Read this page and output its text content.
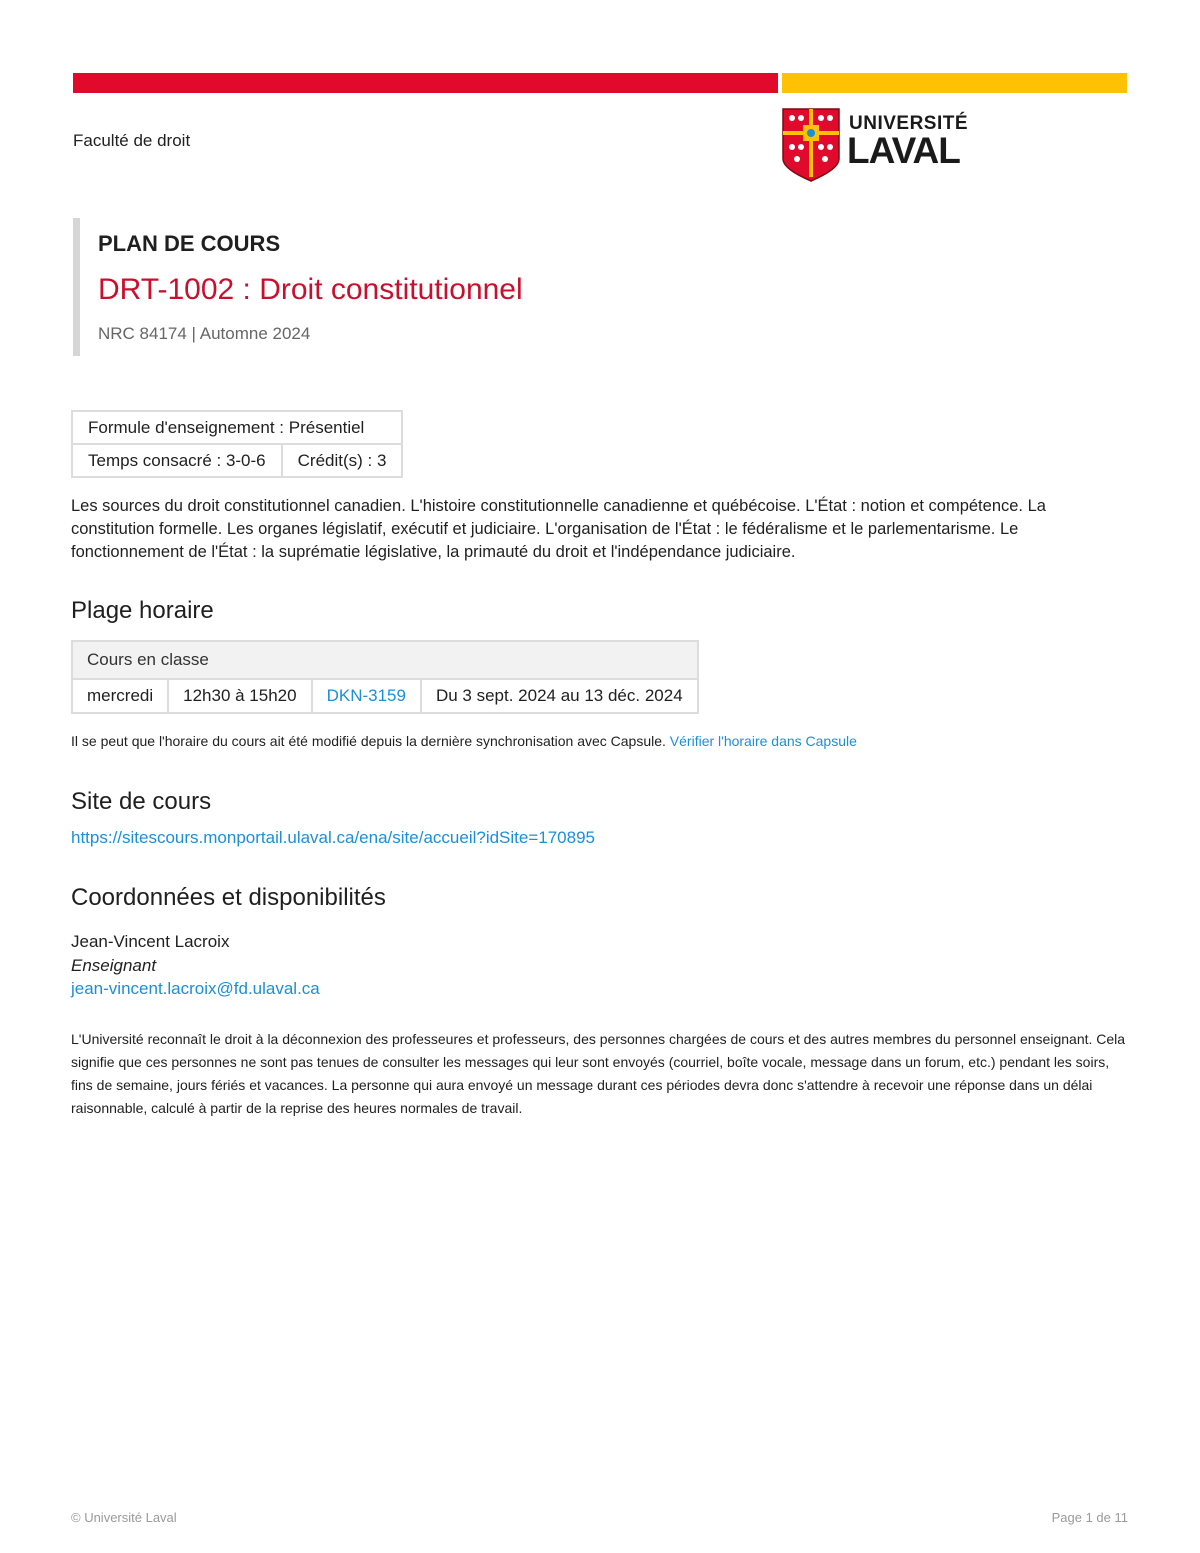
Faculté de droit
UNIVERSITÉ
LAVAL
PLAN DE COURS
DRT-1002 : Droit constitutionnel
NRC 84174 | Automne 2024
Formule d'enseignement : Présentiel
Temps consacré : 3-0-6	Crédit(s) : 3

Les sources du droit constitutionnel canadien. L'histoire constitutionnelle canadienne et québécoise. L'État : notion et compétence. La constitution formelle. Les organes législatif, exécutif et judiciaire. L'organisation de l'État : le fédéralisme et le parlementarisme. Le fonctionnement de l'État : la suprématie législative, la primauté du droit et l'indépendance judiciaire.

Plage horaire
Cours en classe
mercredi	12h30 à 15h20	DKN-3159	Du 3 sept. 2024 au 13 déc. 2024
Il se peut que l'horaire du cours ait été modifié depuis la dernière synchronisation avec Capsule. Vérifier l'horaire dans Capsule
Site de cours
https://sitescours.monportail.ulaval.ca/ena/site/accueil?idSite=170895
Coordonnées et disponibilités
Jean-Vincent Lacroix
Enseignant
jean-vincent.lacroix@fd.ulaval.ca

L'Université reconnaît le droit à la déconnexion des professeures et professeurs, des personnes chargées de cours et des autres membres du personnel enseignant. Cela signifie que ces personnes ne sont pas tenues de consulter les messages qui leur sont envoyés (courriel, boîte vocale, message dans un forum, etc.) pendant les soirs, fins de semaine, jours fériés et vacances. La personne qui aura envoyé un message durant ces périodes devra donc s'attendre à recevoir une réponse dans un délai raisonnable, calculé à partir de la reprise des heures normales de travail.

© Université Laval	Page 1 de 11
